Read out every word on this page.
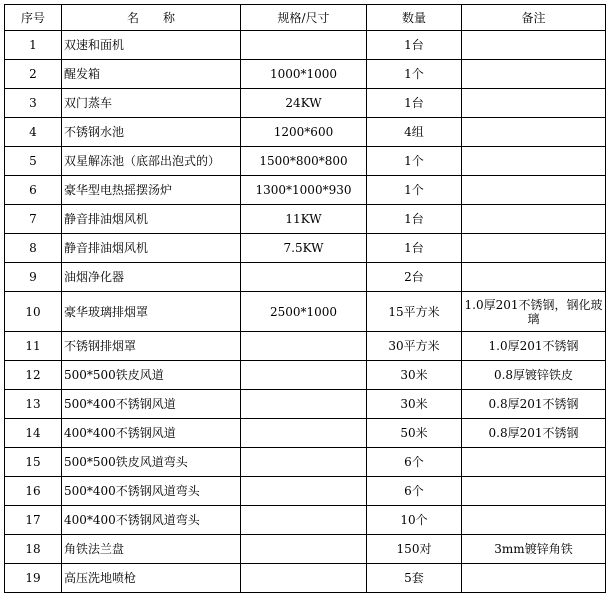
序号	名　　称	规格/尺寸	数量	备注
1	双速和面机		1台	
2	醒发箱	1000*1000	1个	
3	双门蒸车	24KW	1台	
4	不锈钢水池	1200*600	4组	
5	双星解冻池（底部出泡式的）	1500*800*800	1个	
6	豪华型电热摇摆汤炉	1300*1000*930	1个	
7	静音排油烟风机	11KW	1台	
8	静音排油烟风机	7.5KW	1台	
9	油烟净化器		2台	
10	豪华玻璃排烟罩	2500*1000	15平方米	1.0厚201不锈钢，钢化玻璃
11	不锈钢排烟罩		30平方米	1.0厚201不锈钢
12	500*500铁皮风道		30米	0.8厚镀锌铁皮
13	500*400不锈钢风道		30米	0.8厚201不锈钢
14	400*400不锈钢风道		50米	0.8厚201不锈钢
15	500*500铁皮风道弯头		6个	
16	500*400不锈钢风道弯头		6个	
17	400*400不锈钢风道弯头		10个	
18	角铁法兰盘		150对	3mm镀锌角铁
19	高压洗地喷枪		5套	
